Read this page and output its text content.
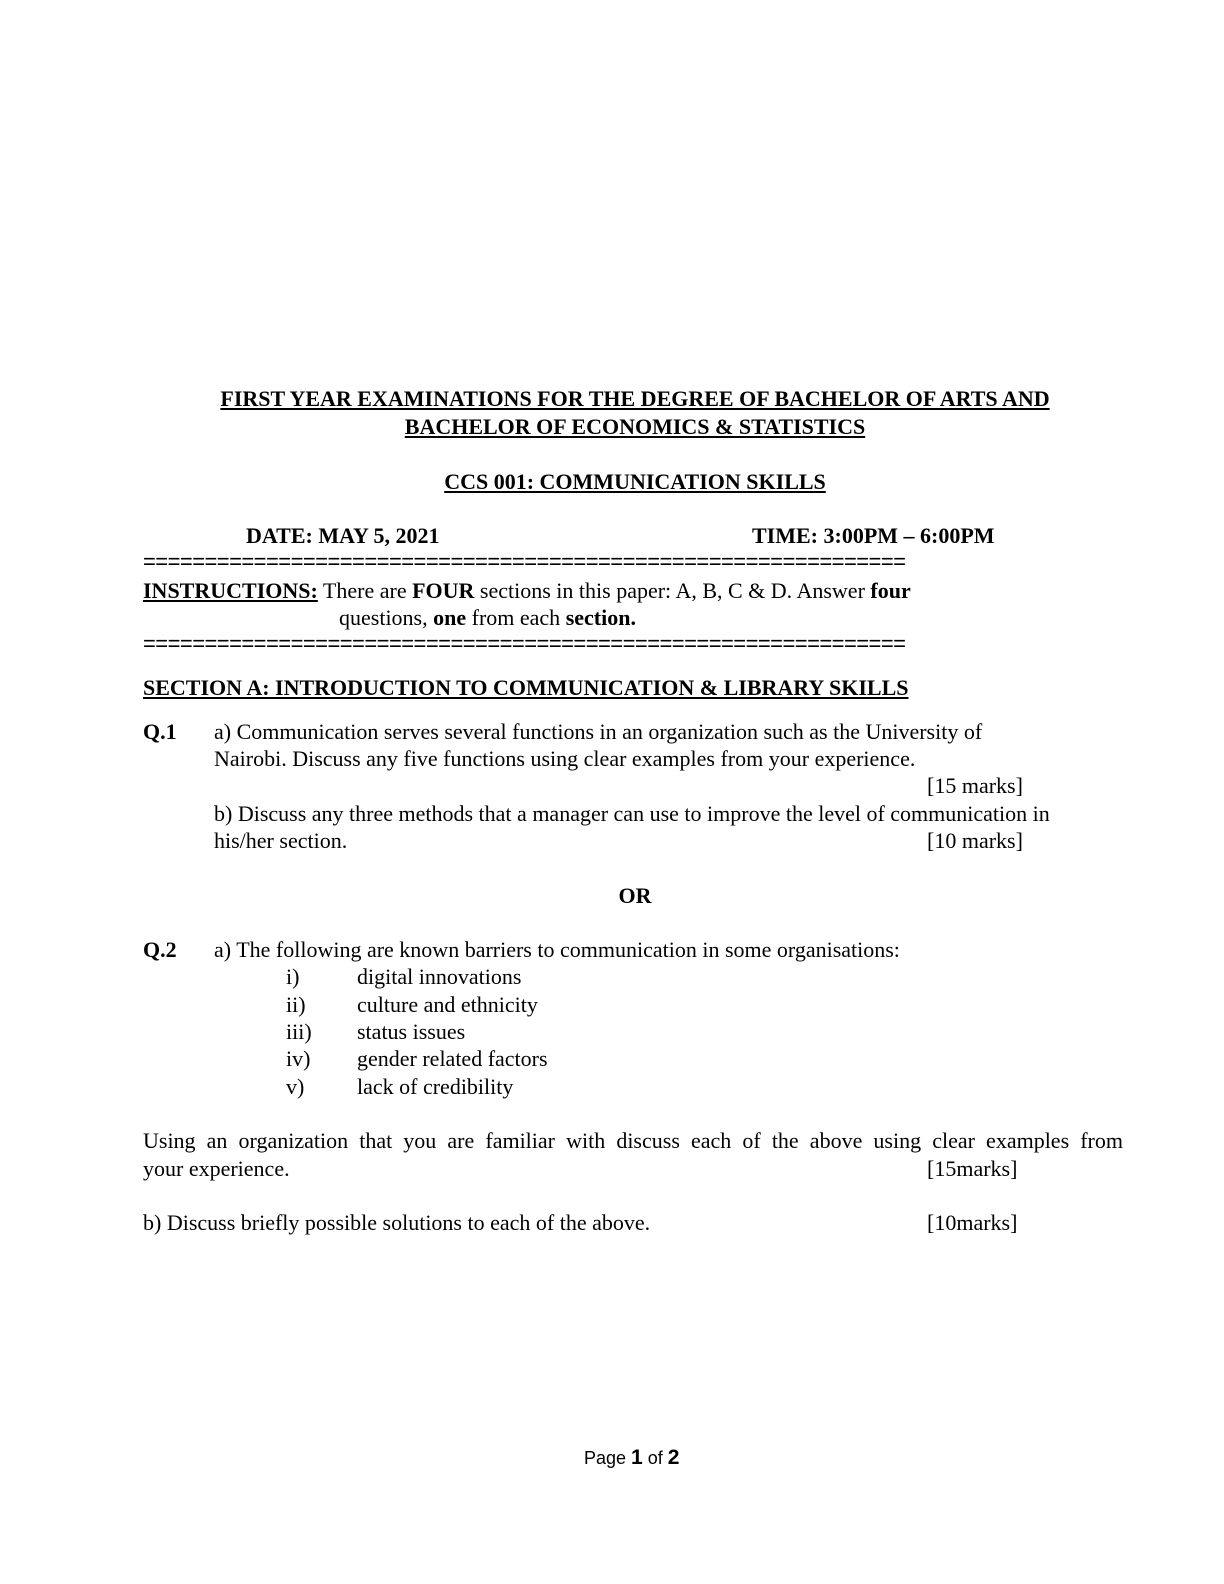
FIRST YEAR EXAMINATIONS FOR THE DEGREE OF BACHELOR OF ARTS AND
BACHELOR OF ECONOMICS & STATISTICS
CCS 001: COMMUNICATION SKILLS
DATE: MAY 5, 2021	TIME: 3:00PM – 6:00PM
==============================================================
INSTRUCTIONS: There are FOUR sections in this paper: A, B, C & D. Answer four
questions, one from each section.
==============================================================
SECTION A: INTRODUCTION TO COMMUNICATION & LIBRARY SKILLS
Q.1 a) Communication serves several functions in an organization such as the University of
Nairobi. Discuss any five functions using clear examples from your experience.
[15 marks]
b) Discuss any three methods that a manager can use to improve the level of communication in
his/her section.	[10 marks]
OR
Q.2 a) The following are known barriers to communication in some organisations:
i)	digital innovations
ii) culture and ethnicity
iii) status issues
iv) gender related factors
v) lack of credibility
Using an organization that you are familiar with discuss each of the above using clear examples from
your experience.	[15marks]
b) Discuss briefly possible solutions to each of the above.	[10marks]
Page 1 of 2
